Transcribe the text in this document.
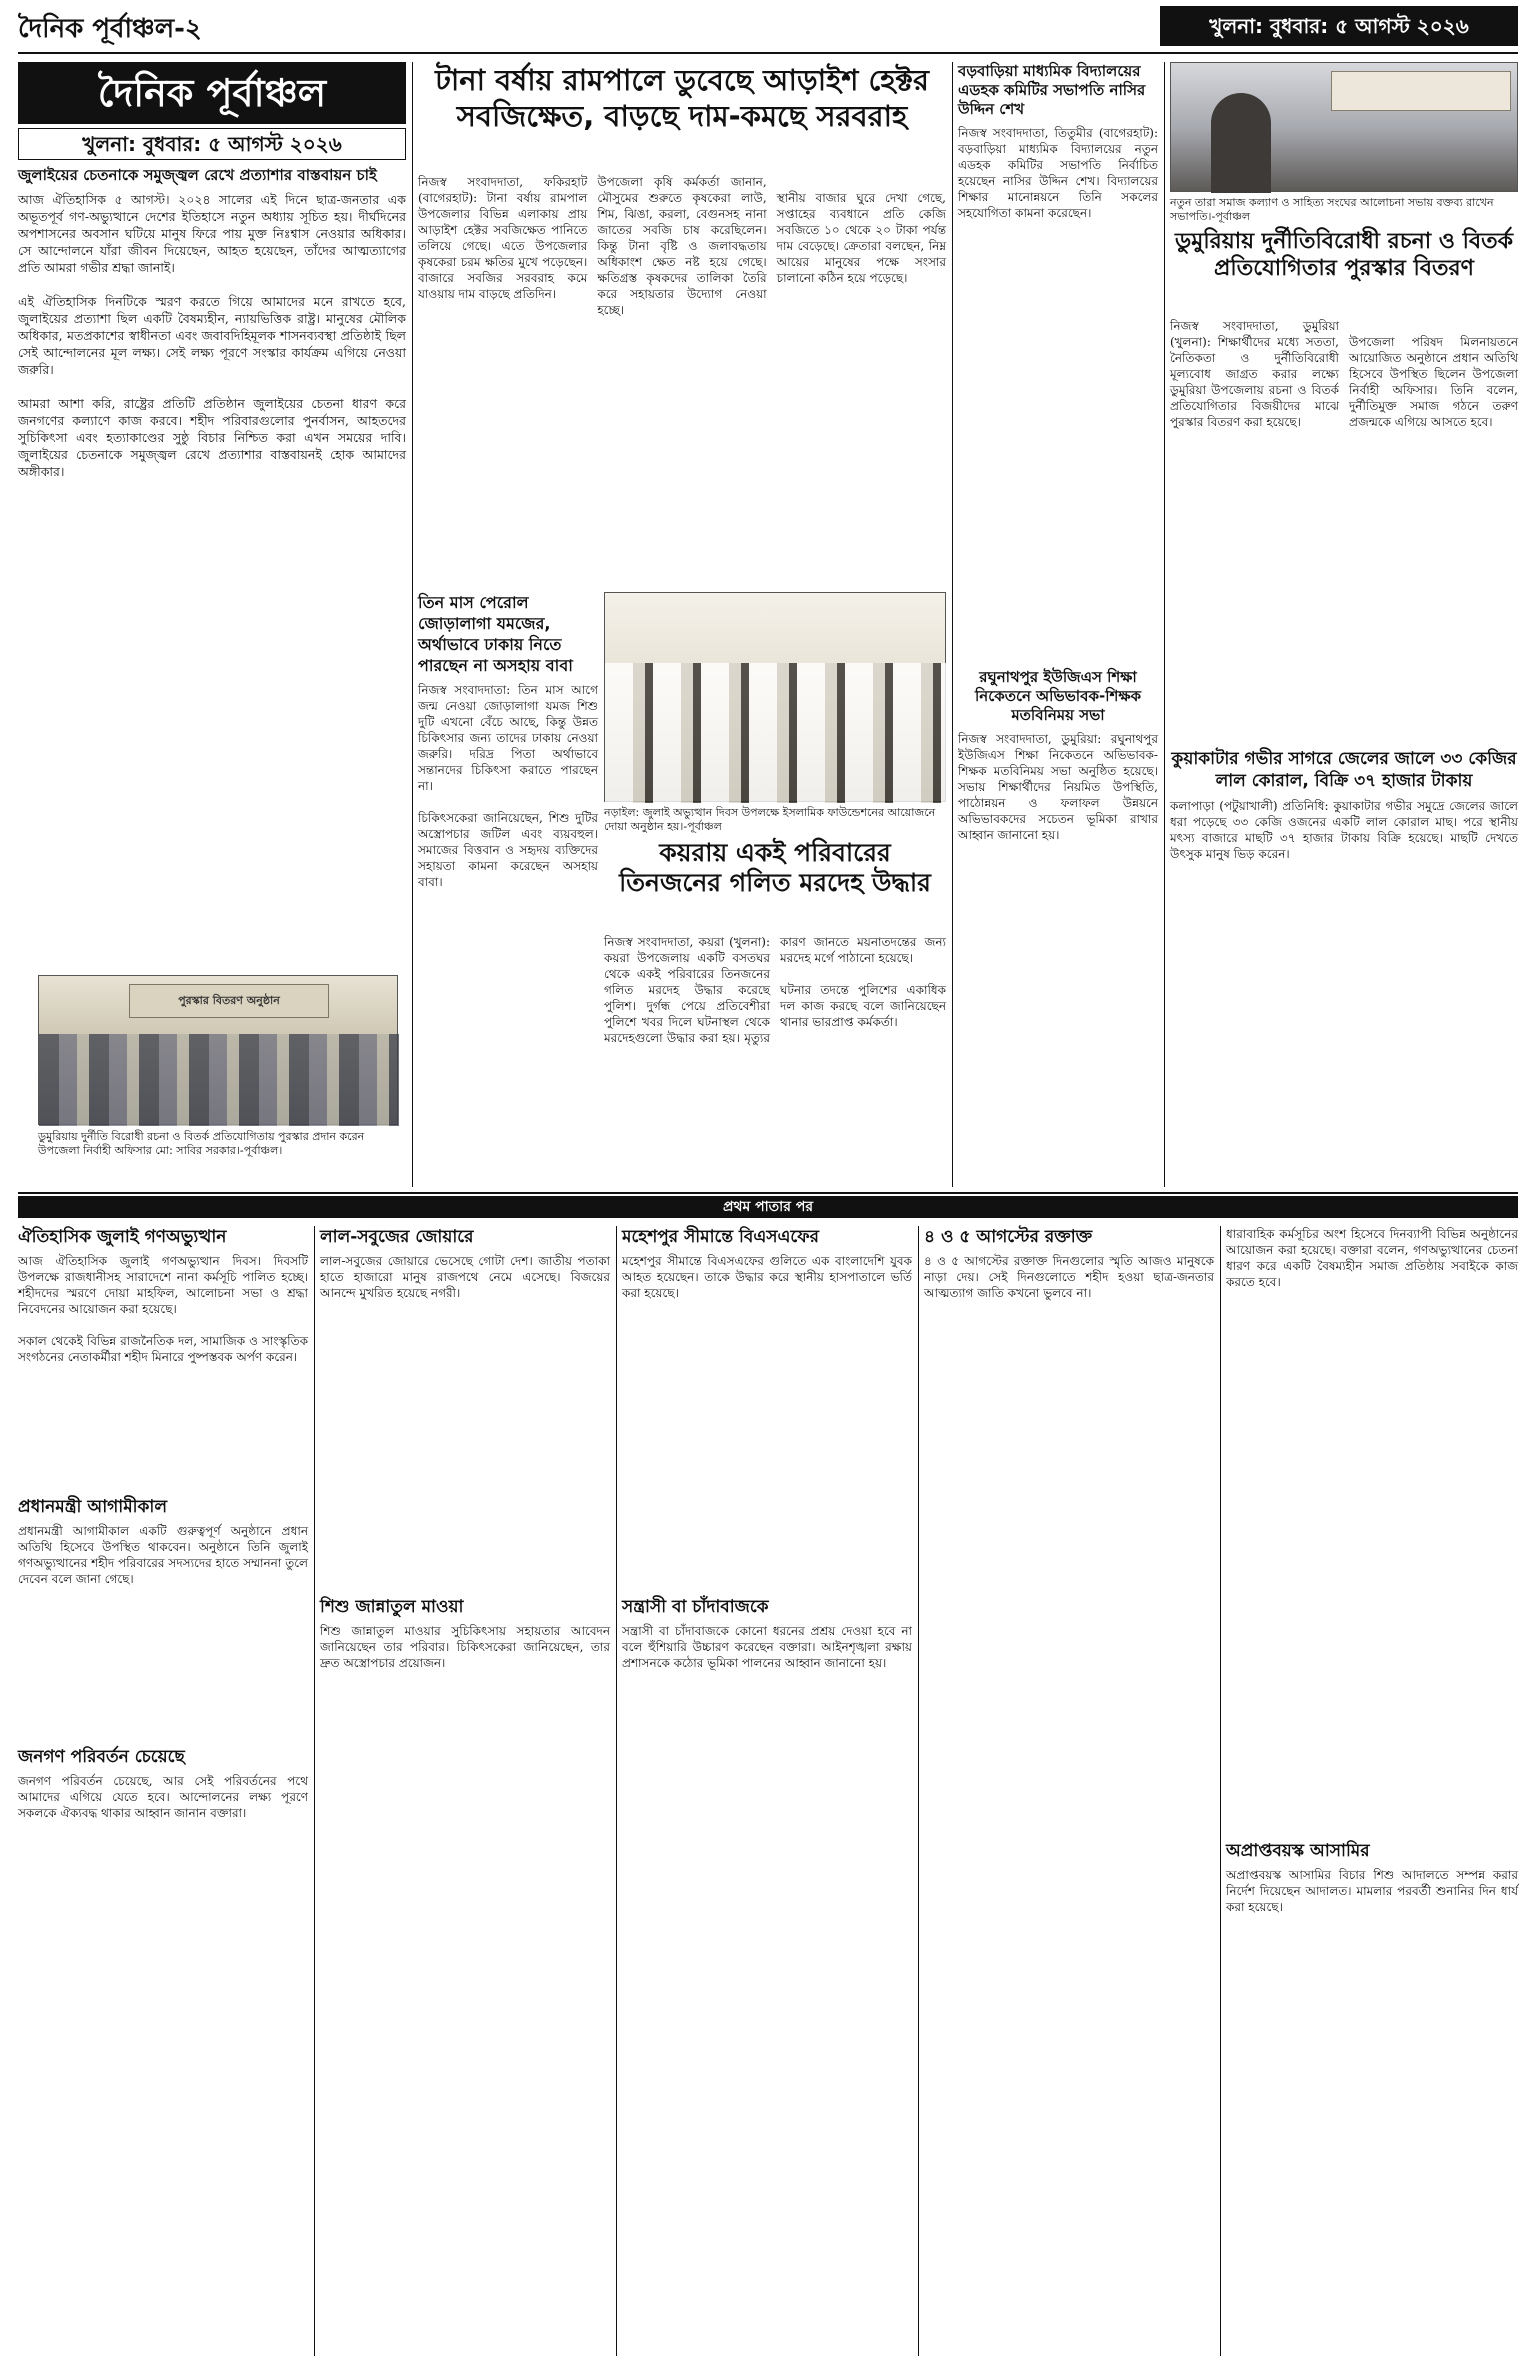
দৈনিক পূর্বাঞ্চল-২	খুলনা: বুধবার: ৫ আগস্ট ২০২৬
দৈনিক পূর্বাঞ্চল
খুলনা: বুধবার: ৫ আগস্ট ২০২৬
জুলাইয়ের চেতনাকে সমুজ্জ্বল রেখে প্রত্যাশার বাস্তবায়ন চাই
আজ ঐতিহাসিক ৫ আগস্ট। ২০২৪ সালের এই দিনে ছাত্র-জনতার এক অভূতপূর্ব গণ-অভ্যুত্থানে দেশের ইতিহাসে নতুন অধ্যায় সূচিত হয়। দীর্ঘদিনের অপশাসনের অবসান ঘটিয়ে মানুষ ফিরে পায় মুক্ত নিঃশ্বাস নেওয়ার অধিকার। সে আন্দোলনে যাঁরা জীবন দিয়েছেন, আহত হয়েছেন, তাঁদের আত্মত্যাগের প্রতি আমরা গভীর শ্রদ্ধা জানাই।

এই ঐতিহাসিক দিনটিকে স্মরণ করতে গিয়ে আমাদের মনে রাখতে হবে, জুলাইয়ের প্রত্যাশা ছিল একটি বৈষম্যহীন, ন্যায়ভিত্তিক রাষ্ট্র। মানুষের মৌলিক অধিকার, মতপ্রকাশের স্বাধীনতা এবং জবাবদিহিমূলক শাসনব্যবস্থা প্রতিষ্ঠাই ছিল সেই আন্দোলনের মূল লক্ষ্য। সেই লক্ষ্য পূরণে সংস্কার কার্যক্রম এগিয়ে নেওয়া জরুরি।

আমরা আশা করি, রাষ্ট্রের প্রতিটি প্রতিষ্ঠান জুলাইয়ের চেতনা ধারণ করে জনগণের কল্যাণে কাজ করবে। শহীদ পরিবারগুলোর পুনর্বাসন, আহতদের সুচিকিৎসা এবং হত্যাকাণ্ডের সুষ্ঠু বিচার নিশ্চিত করা এখন সময়ের দাবি। জুলাইয়ের চেতনাকে সমুজ্জ্বল রেখে প্রত্যাশার বাস্তবায়নই হোক আমাদের অঙ্গীকার।
পুরস্কার বিতরণ অনুষ্ঠান
ডুমুরিয়ায় দুর্নীতি বিরোধী রচনা ও বিতর্ক প্রতিযোগিতায় পুরস্কার প্রদান করেন উপজেলা নির্বাহী অফিসার মো: সাবির সরকার।-পূর্বাঞ্চল।
টানা বর্ষায় রামপালে ডুবেছে আড়াইশ হেক্টর সবজিক্ষেত, বাড়ছে দাম-কমছে সরবরাহ
নিজস্ব সংবাদদাতা, ফকিরহাট (বাগেরহাট): টানা বর্ষায় রামপাল উপজেলার বিভিন্ন এলাকায় প্রায় আড়াইশ হেক্টর সবজিক্ষেত পানিতে তলিয়ে গেছে। এতে উপজেলার কৃষকেরা চরম ক্ষতির মুখে পড়েছেন। বাজারে সবজির সরবরাহ কমে যাওয়ায় দাম বাড়ছে প্রতিদিন।

উপজেলা কৃষি কর্মকর্তা জানান, মৌসুমের শুরুতে কৃষকেরা লাউ, শিম, ঝিঙা, করলা, বেগুনসহ নানা জাতের সবজি চাষ করেছিলেন। কিন্তু টানা বৃষ্টি ও জলাবদ্ধতায় অধিকাংশ ক্ষেত নষ্ট হয়ে গেছে। ক্ষতিগ্রস্ত কৃষকদের তালিকা তৈরি করে সহায়তার উদ্যোগ নেওয়া হচ্ছে।

স্থানীয় বাজার ঘুরে দেখা গেছে, সপ্তাহের ব্যবধানে প্রতি কেজি সবজিতে ১০ থেকে ২০ টাকা পর্যন্ত দাম বেড়েছে। ক্রেতারা বলছেন, নিম্ন আয়ের মানুষের পক্ষে সংসার চালানো কঠিন হয়ে পড়েছে।
তিন মাস পেরোল জোড়ালাগা যমজের, অর্থাভাবে ঢাকায় নিতে পারছেন না অসহায় বাবা
নিজস্ব সংবাদদাতা: তিন মাস আগে জন্ম নেওয়া জোড়ালাগা যমজ শিশু দুটি এখনো বেঁচে আছে, কিন্তু উন্নত চিকিৎসার জন্য তাদের ঢাকায় নেওয়া জরুরি। দরিদ্র পিতা অর্থাভাবে সন্তানদের চিকিৎসা করাতে পারছেন না।

চিকিৎসকেরা জানিয়েছেন, শিশু দুটির অস্ত্রোপচার জটিল এবং ব্যয়বহুল। সমাজের বিত্তবান ও সহৃদয় ব্যক্তিদের সহায়তা কামনা করেছেন অসহায় বাবা।
নড়াইল: জুলাই অভ্যুত্থান দিবস উপলক্ষে ইসলামিক ফাউন্ডেশনের আয়োজনে দোয়া অনুষ্ঠান হয়।-পূর্বাঞ্চল
কয়রায় একই পরিবারের তিনজনের গলিত মরদেহ উদ্ধার
নিজস্ব সংবাদদাতা, কয়রা (খুলনা): কয়রা উপজেলায় একটি বসতঘর থেকে একই পরিবারের তিনজনের গলিত মরদেহ উদ্ধার করেছে পুলিশ। দুর্গন্ধ পেয়ে প্রতিবেশীরা পুলিশে খবর দিলে ঘটনাস্থল থেকে মরদেহগুলো উদ্ধার করা হয়। মৃত্যুর কারণ জানতে ময়নাতদন্তের জন্য মরদেহ মর্গে পাঠানো হয়েছে।

ঘটনার তদন্তে পুলিশের একাধিক দল কাজ করছে বলে জানিয়েছেন থানার ভারপ্রাপ্ত কর্মকর্তা।
বড়বাড়িয়া মাধ্যমিক বিদ্যালয়ের এডহক কমিটির সভাপতি নাসির উদ্দিন শেখ
নিজস্ব সংবাদদাতা, তিতুমীর (বাগেরহাট): বড়বাড়িয়া মাধ্যমিক বিদ্যালয়ের নতুন এডহক কমিটির সভাপতি নির্বাচিত হয়েছেন নাসির উদ্দিন শেখ। বিদ্যালয়ের শিক্ষার মানোন্নয়নে তিনি সকলের সহযোগিতা কামনা করেছেন।
রঘুনাথপুর ইউজিএস শিক্ষা নিকেতনে অভিভাবক-শিক্ষক মতবিনিময় সভা
নিজস্ব সংবাদদাতা, ডুমুরিয়া: রঘুনাথপুর ইউজিএস শিক্ষা নিকেতনে অভিভাবক-শিক্ষক মতবিনিময় সভা অনুষ্ঠিত হয়েছে। সভায় শিক্ষার্থীদের নিয়মিত উপস্থিতি, পাঠোন্নয়ন ও ফলাফল উন্নয়নে অভিভাবকদের সচেতন ভূমিকা রাখার আহ্বান জানানো হয়।
নতুন তারা সমাজ কল্যাণ ও সাহিত্য সংঘের আলোচনা সভায় বক্তব্য রাখেন সভাপতি।-পূর্বাঞ্চল
ডুমুরিয়ায় দুর্নীতিবিরোধী রচনা ও বিতর্ক প্রতিযোগিতার পুরস্কার বিতরণ
নিজস্ব সংবাদদাতা, ডুমুরিয়া (খুলনা): শিক্ষার্থীদের মধ্যে সততা, নৈতিকতা ও দুর্নীতিবিরোধী মূল্যবোধ জাগ্রত করার লক্ষ্যে ডুমুরিয়া উপজেলায় রচনা ও বিতর্ক প্রতিযোগিতার বিজয়ীদের মাঝে পুরস্কার বিতরণ করা হয়েছে।

উপজেলা পরিষদ মিলনায়তনে আয়োজিত অনুষ্ঠানে প্রধান অতিথি হিসেবে উপস্থিত ছিলেন উপজেলা নির্বাহী অফিসার। তিনি বলেন, দুর্নীতিমুক্ত সমাজ গঠনে তরুণ প্রজন্মকে এগিয়ে আসতে হবে।
কুয়াকাটার গভীর সাগরে জেলের জালে ৩৩ কেজির লাল কোরাল, বিক্রি ৩৭ হাজার টাকায়
কলাপাড়া (পটুয়াখালী) প্রতিনিধি: কুয়াকাটার গভীর সমুদ্রে জেলের জালে ধরা পড়েছে ৩৩ কেজি ওজনের একটি লাল কোরাল মাছ। পরে স্থানীয় মৎস্য বাজারে মাছটি ৩৭ হাজার টাকায় বিক্রি হয়েছে। মাছটি দেখতে উৎসুক মানুষ ভিড় করেন।
প্রথম পাতার পর
ঐতিহাসিক জুলাই গণঅভ্যুত্থান
আজ ঐতিহাসিক জুলাই গণঅভ্যুত্থান দিবস। দিবসটি উপলক্ষে রাজধানীসহ সারাদেশে নানা কর্মসূচি পালিত হচ্ছে। শহীদদের স্মরণে দোয়া মাহফিল, আলোচনা সভা ও শ্রদ্ধা নিবেদনের আয়োজন করা হয়েছে।

সকাল থেকেই বিভিন্ন রাজনৈতিক দল, সামাজিক ও সাংস্কৃতিক সংগঠনের নেতাকর্মীরা শহীদ মিনারে পুষ্পস্তবক অর্পণ করেন।
প্রধানমন্ত্রী আগামীকাল
প্রধানমন্ত্রী আগামীকাল একটি গুরুত্বপূর্ণ অনুষ্ঠানে প্রধান অতিথি হিসেবে উপস্থিত থাকবেন। অনুষ্ঠানে তিনি জুলাই গণঅভ্যুত্থানের শহীদ পরিবারের সদস্যদের হাতে সম্মাননা তুলে দেবেন বলে জানা গেছে।
জনগণ পরিবর্তন চেয়েছে
জনগণ পরিবর্তন চেয়েছে, আর সেই পরিবর্তনের পথে আমাদের এগিয়ে যেতে হবে। আন্দোলনের লক্ষ্য পূরণে সকলকে ঐক্যবদ্ধ থাকার আহ্বান জানান বক্তারা।
লাল-সবুজের জোয়ারে
লাল-সবুজের জোয়ারে ভেসেছে গোটা দেশ। জাতীয় পতাকা হাতে হাজারো মানুষ রাজপথে নেমে এসেছে। বিজয়ের আনন্দে মুখরিত হয়েছে নগরী।
শিশু জান্নাতুল মাওয়া
শিশু জান্নাতুল মাওয়ার সুচিকিৎসায় সহায়তার আবেদন জানিয়েছেন তার পরিবার। চিকিৎসকেরা জানিয়েছেন, তার দ্রুত অস্ত্রোপচার প্রয়োজন।
মহেশপুর সীমান্তে বিএসএফের
মহেশপুর সীমান্তে বিএসএফের গুলিতে এক বাংলাদেশি যুবক আহত হয়েছেন। তাকে উদ্ধার করে স্থানীয় হাসপাতালে ভর্তি করা হয়েছে।
সন্ত্রাসী বা চাঁদাবাজকে
সন্ত্রাসী বা চাঁদাবাজকে কোনো ধরনের প্রশ্রয় দেওয়া হবে না বলে হুঁশিয়ারি উচ্চারণ করেছেন বক্তারা। আইনশৃঙ্খলা রক্ষায় প্রশাসনকে কঠোর ভূমিকা পালনের আহ্বান জানানো হয়।
৪ ও ৫ আগস্টের রক্তাক্ত
৪ ও ৫ আগস্টের রক্তাক্ত দিনগুলোর স্মৃতি আজও মানুষকে নাড়া দেয়। সেই দিনগুলোতে শহীদ হওয়া ছাত্র-জনতার আত্মত্যাগ জাতি কখনো ভুলবে না।
ধারাবাহিক কর্মসূচির অংশ হিসেবে দিনব্যাপী বিভিন্ন অনুষ্ঠানের আয়োজন করা হয়েছে। বক্তারা বলেন, গণঅভ্যুত্থানের চেতনা ধারণ করে একটি বৈষম্যহীন সমাজ প্রতিষ্ঠায় সবাইকে কাজ করতে হবে।
অপ্রাপ্তবয়স্ক আসামির
অপ্রাপ্তবয়স্ক আসামির বিচার শিশু আদালতে সম্পন্ন করার নির্দেশ দিয়েছেন আদালত। মামলার পরবর্তী শুনানির দিন ধার্য করা হয়েছে।
